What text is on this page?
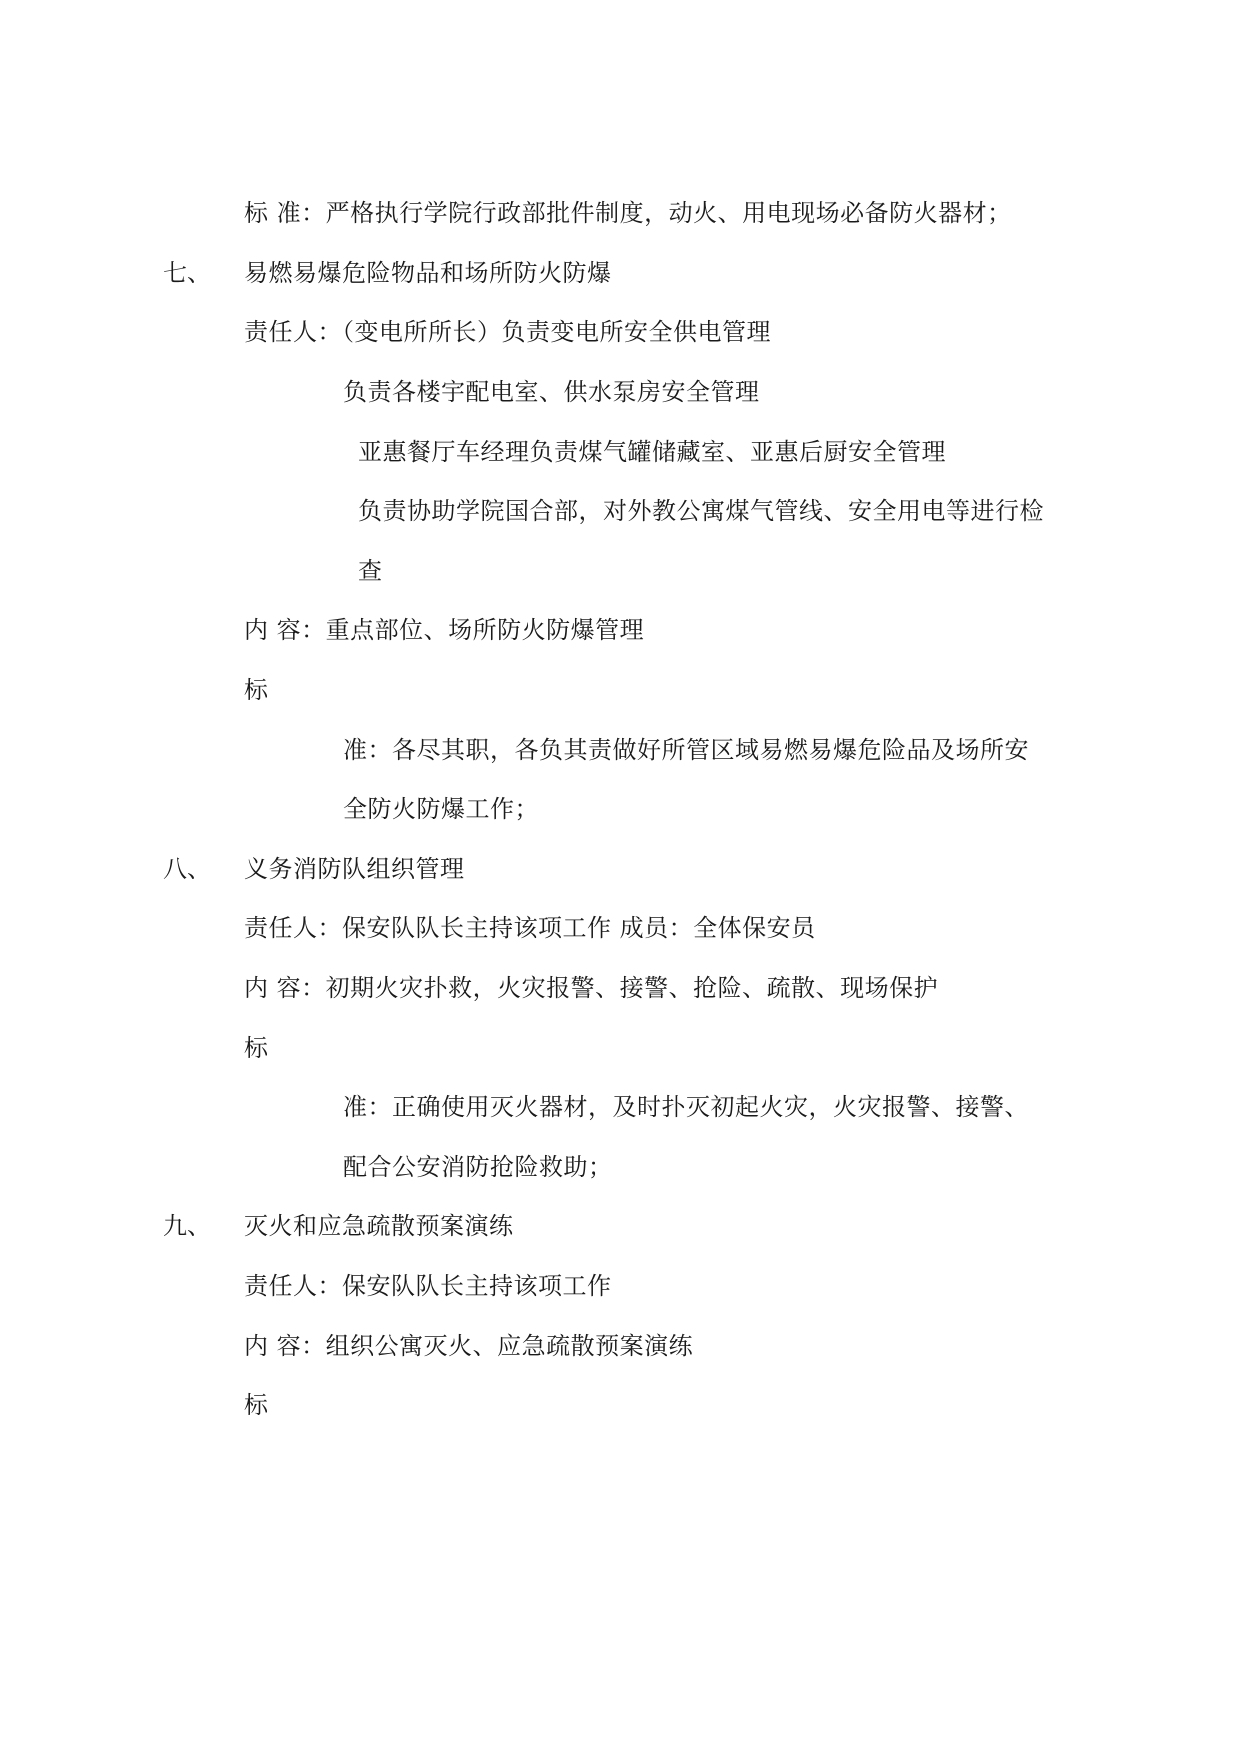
标 准：严格执行学院行政部批件制度，动火、用电现场必备防火器材；
七、 易燃易爆危险物品和场所防火防爆
责任人：（变电所所长）负责变电所安全供电管理
负责各楼宇配电室、供水泵房安全管理
亚惠餐厅车经理负责煤气罐储藏室、亚惠后厨安全管理
负责协助学院国合部，对外教公寓煤气管线、安全用电等进行检
查
内 容：重点部位、场所防火防爆管理
标
准：各尽其职，各负其责做好所管区域易燃易爆危险品及场所安
全防火防爆工作；
八、 义务消防队组织管理
责任人：保安队队长主持该项工作 成员：全体保安员
内 容：初期火灾扑救，火灾报警、接警、抢险、疏散、现场保护
标
准：正确使用灭火器材，及时扑灭初起火灾，火灾报警、接警、
配合公安消防抢险救助；
九、 灭火和应急疏散预案演练
责任人：保安队队长主持该项工作
内 容：组织公寓灭火、应急疏散预案演练
标
